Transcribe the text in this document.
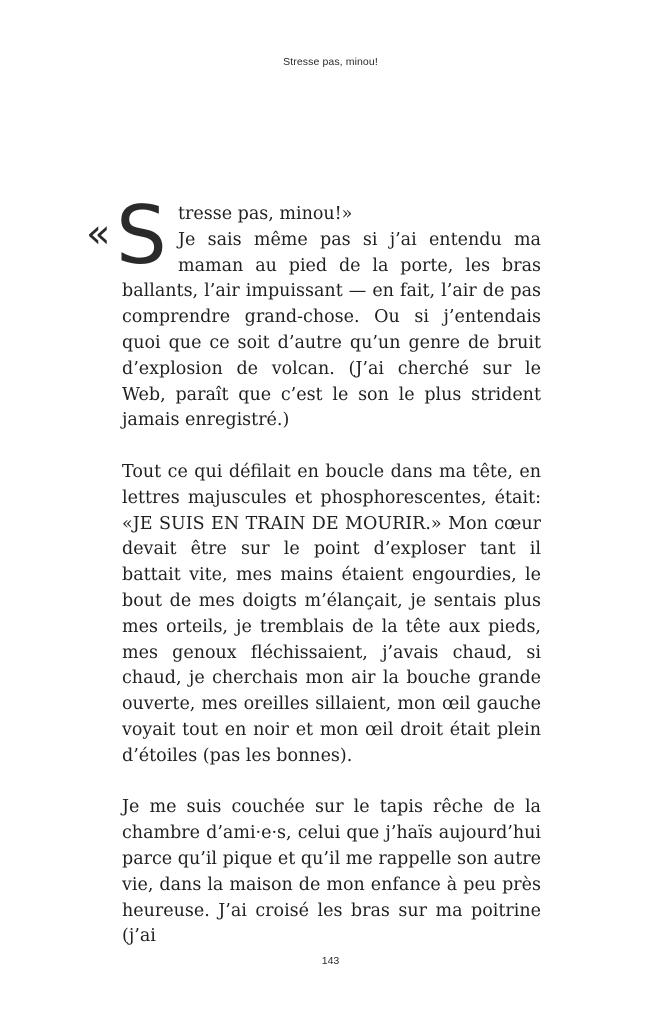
Stresse pas, minou!

« S tresse pas, minou!»
Je sais même pas si j’ai entendu ma maman au pied de la porte, les bras ballants, l’air impuissant — en fait, l’air de pas comprendre grand-chose. Ou si j’entendais quoi que ce soit d’autre qu’un genre de bruit d’explosion de volcan. (J’ai cherché sur le Web, paraît que c’est le son le plus strident jamais enregistré.)

Tout ce qui défilait en boucle dans ma tête, en lettres majuscules et phosphorescentes, était: «JE SUIS EN TRAIN DE MOURIR.» Mon cœur devait être sur le point d’exploser tant il battait vite, mes mains étaient engourdies, le bout de mes doigts m’élançait, je sentais plus mes orteils, je tremblais de la tête aux pieds, mes genoux fléchissaient, j’avais chaud, si chaud, je cherchais mon air la bouche grande ouverte, mes oreilles sillaient, mon œil gauche voyait tout en noir et mon œil droit était plein d’étoiles (pas les bonnes).

Je me suis couchée sur le tapis rêche de la chambre d’ami·e·s, celui que j’haïs aujourd’hui parce qu’il pique et qu’il me rappelle son autre vie, dans la maison de mon enfance à peu près heureuse. J’ai croisé les bras sur ma poitrine (j’ai

143
